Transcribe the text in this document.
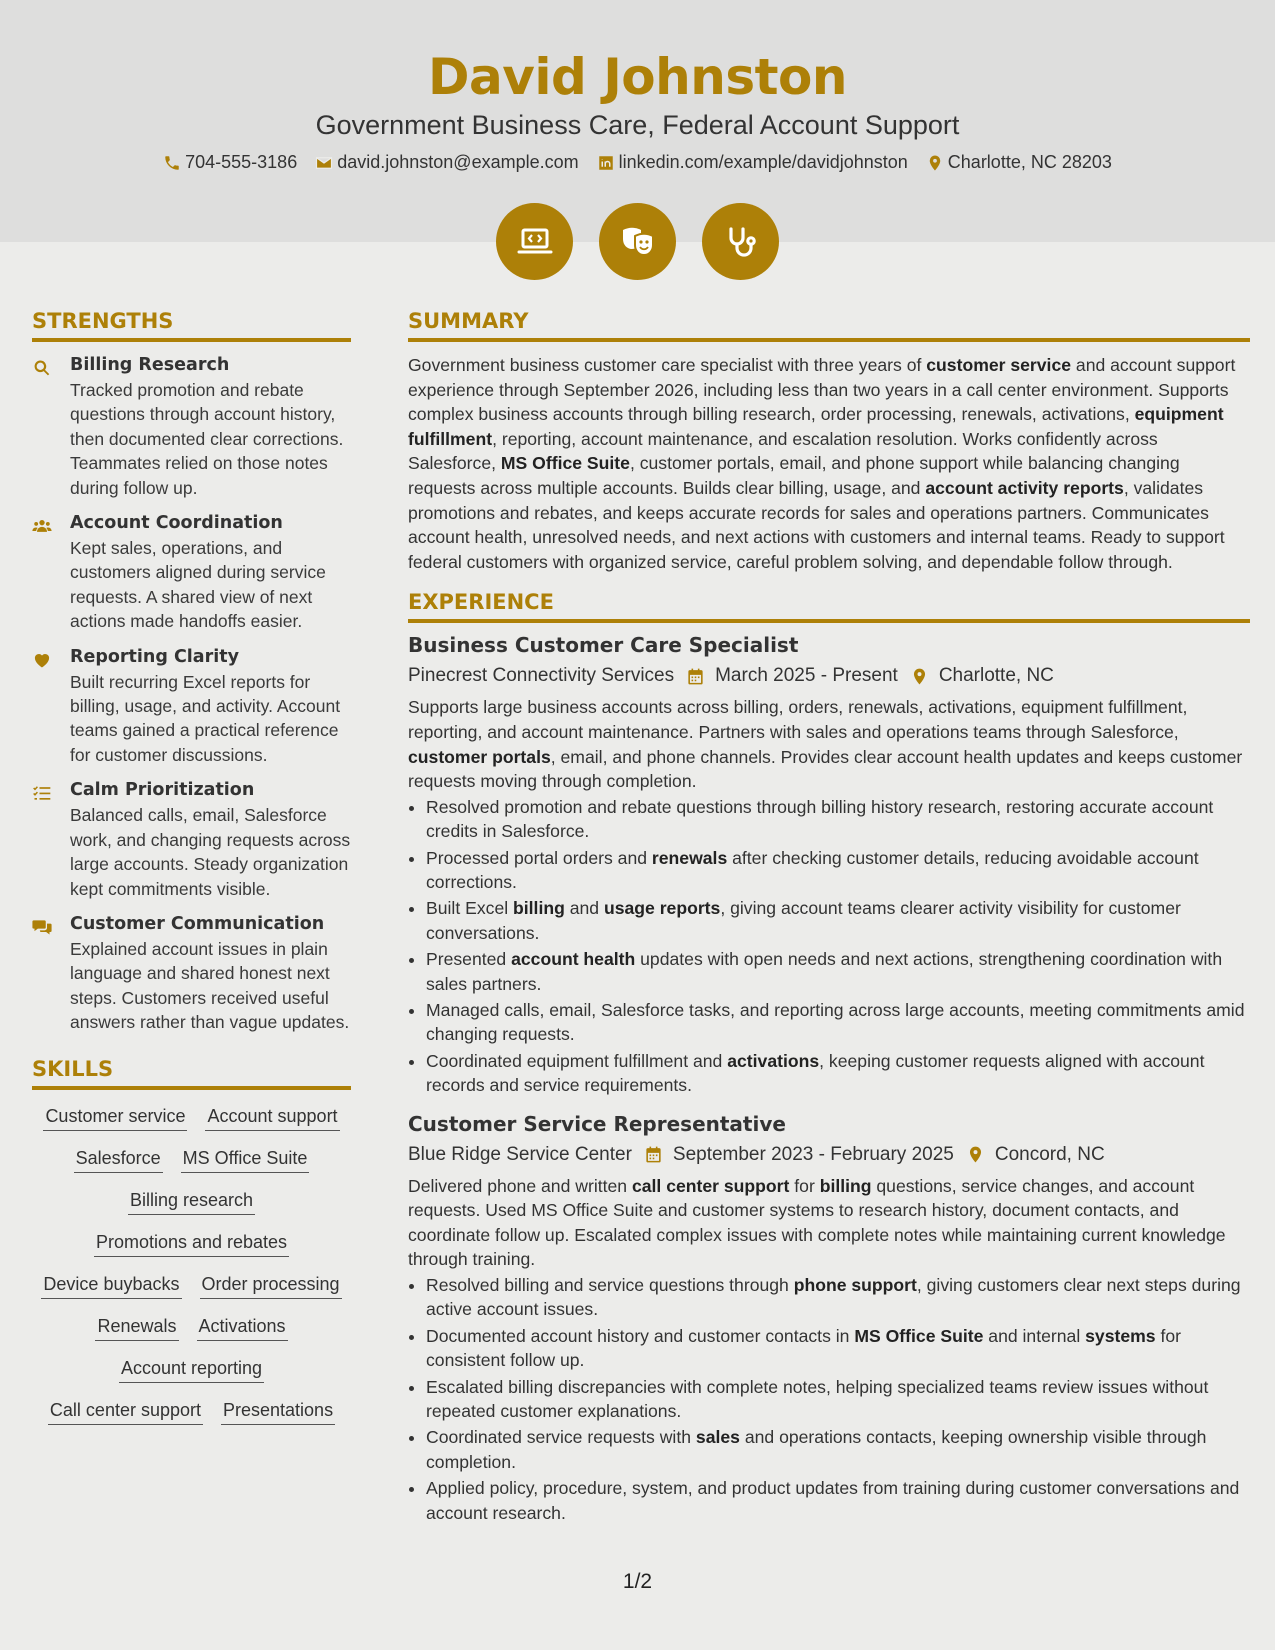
David Johnston
Government Business Care, Federal Account Support
704-555-3186 david.johnston@example.com linkedin.com/example/davidjohnston Charlotte, NC 28203
STRENGTHS
Billing Research
Tracked promotion and rebate questions through account history, then documented clear corrections. Teammates relied on those notes during follow up.
Account Coordination
Kept sales, operations, and customers aligned during service requests. A shared view of next actions made handoffs easier.
Reporting Clarity
Built recurring Excel reports for billing, usage, and activity. Account teams gained a practical reference for customer discussions.
Calm Prioritization
Balanced calls, email, Salesforce work, and changing requests across large accounts. Steady organization kept commitments visible.
Customer Communication
Explained account issues in plain language and shared honest next steps. Customers received useful answers rather than vague updates.
SKILLS
Customer service Account support
Salesforce MS Office Suite
Billing research
Promotions and rebates
Device buybacks Order processing
Renewals Activations
Account reporting
Call center support Presentations
SUMMARY

Government business customer care specialist with three years of customer service and account support experience through September 2026, including less than two years in a call center environment. Supports complex business accounts through billing research, order processing, renewals, activations, equipment fulfillment, reporting, account maintenance, and escalation resolution. Works confidently across Salesforce, MS Office Suite, customer portals, email, and phone support while balancing changing requests across multiple accounts. Builds clear billing, usage, and account activity reports, validates promotions and rebates, and keeps accurate records for sales and operations partners. Communicates account health, unresolved needs, and next actions with customers and internal teams. Ready to support federal customers with organized service, careful problem solving, and dependable follow through.

EXPERIENCE
Business Customer Care Specialist
Pinecrest Connectivity Services March 2025 - Present Charlotte, NC

Supports large business accounts across billing, orders, renewals, activations, equipment fulfillment, reporting, and account maintenance. Partners with sales and operations teams through Salesforce, customer portals, email, and phone channels. Provides clear account health updates and keeps customer requests moving through completion.

• Resolved promotion and rebate questions through billing history research, restoring accurate account credits in Salesforce.
• Processed portal orders and renewals after checking customer details, reducing avoidable account corrections.
• Built Excel billing and usage reports, giving account teams clearer activity visibility for customer conversations.
• Presented account health updates with open needs and next actions, strengthening coordination with sales partners.
• Managed calls, email, Salesforce tasks, and reporting across large accounts, meeting commitments amid changing requests.
• Coordinated equipment fulfillment and activations, keeping customer requests aligned with account records and service requirements.
Customer Service Representative
Blue Ridge Service Center September 2023 - February 2025 Concord, NC

Delivered phone and written call center support for billing questions, service changes, and account requests. Used MS Office Suite and customer systems to research history, document contacts, and coordinate follow up. Escalated complex issues with complete notes while maintaining current knowledge through training.

• Resolved billing and service questions through phone support, giving customers clear next steps during active account issues.
• Documented account history and customer contacts in MS Office Suite and internal systems for consistent follow up.
• Escalated billing discrepancies with complete notes, helping specialized teams review issues without repeated customer explanations.
• Coordinated service requests with sales and operations contacts, keeping ownership visible through completion.
• Applied policy, procedure, system, and product updates from training during customer conversations and account research.
1/2
